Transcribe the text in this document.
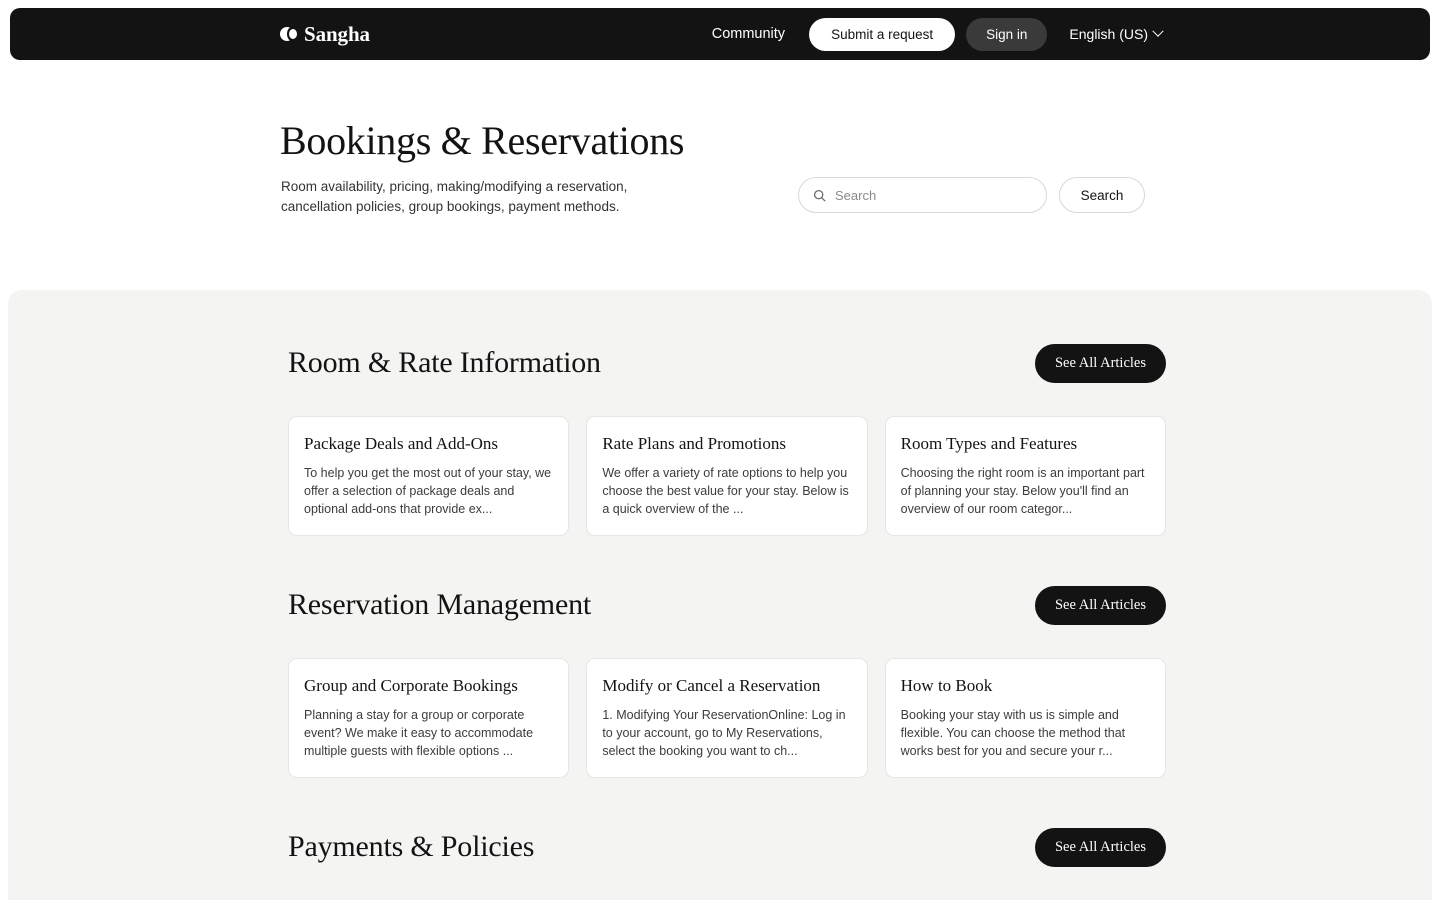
Sangha	Community	Submit a request	Sign in	English (US)
Bookings & Reservations
Room availability, pricing, making/modifying a reservation, cancellation policies, group bookings, payment methods.
Search
Search
Room & Rate Information	See All Articles
Package Deals and Add-Ons
To help you get the most out of your stay, we offer a selection of package deals and optional add-ons that provide ex...
Rate Plans and Promotions
We offer a variety of rate options to help you choose the best value for your stay. Below is a quick overview of the ...
Room Types and Features
Choosing the right room is an important part of planning your stay. Below you'll find an overview of our room categor...
Reservation Management	See All Articles
Group and Corporate Bookings
Planning a stay for a group or corporate event? We make it easy to accommodate multiple guests with flexible options ...
Modify or Cancel a Reservation
1. Modifying Your ReservationOnline: Log in to your account, go to My Reservations, select the booking you want to ch...
How to Book
Booking your stay with us is simple and flexible. You can choose the method that works best for you and secure your r...
Payments & Policies	See All Articles
